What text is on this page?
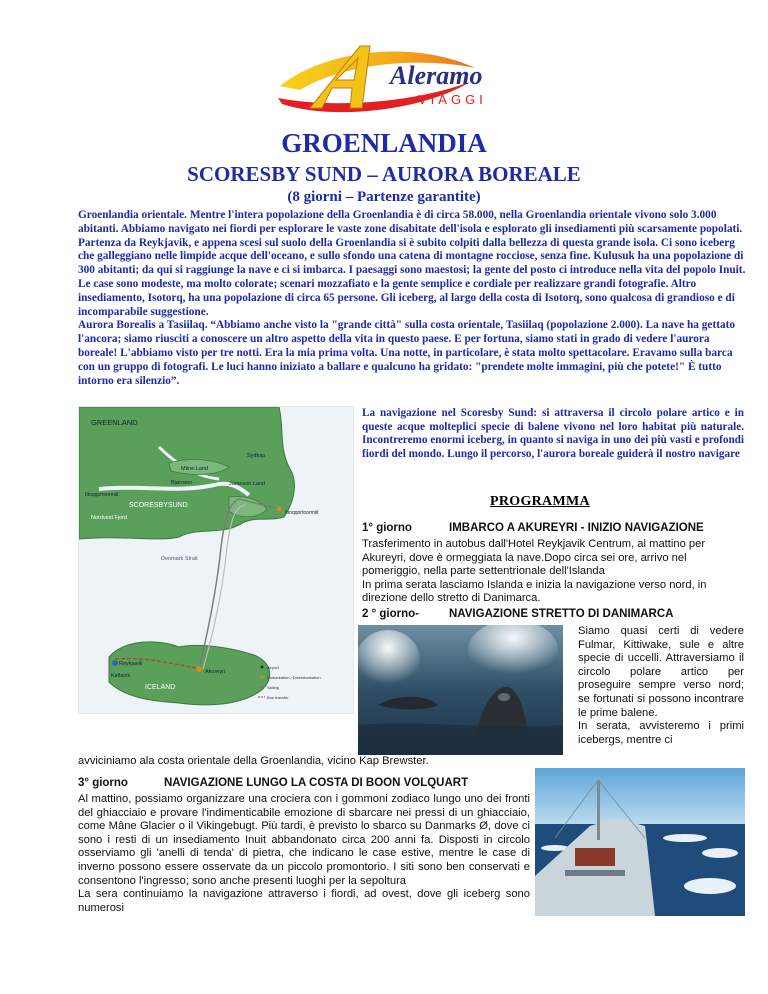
Aleramo
VIAGGI
GROENLANDIA
SCORESBY SUND – AURORA BOREALE
(8 giorni – Partenze garantite)

Groenlandia orientale. Mentre l'intera popolazione della Groenlandia è di circa 58.000, nella Groenlandia orientale vivono solo 3.000 abitanti. Abbiamo navigato nei fiordi per esplorare le vaste zone disabitate dell'isola e esplorato gli insediamenti più scarsamente popolati. Partenza da Reykjavik, e appena scesi sul suolo della Groenlandia si è subito colpiti dalla bellezza di questa grande isola. Ci sono iceberg che galleggiano nelle limpide acque dell'oceano, e sullo sfondo una catena di montagne rocciose, senza fine. Kulusuk ha una popolazione di 300 abitanti; da qui si raggiunge la nave e ci si imbarca. I paesaggi sono maestosi; la gente del posto ci introduce nella vita del popolo Inuit. Le case sono modeste, ma molto colorate; scenari mozzafiato e la gente semplice e cordiale per realizzare grandi fotografie. Altro insediamento, Isotorq, ha una popolazione di circa 65 persone. Gli iceberg, al largo della costa di Isotorq, sono qualcosa di grandioso e di incomparabile suggestione.

Aurora Borealis a Tasiilaq. “Abbiamo anche visto la "grande città" sulla costa orientale, Tasiilaq (popolazione 2.000). La nave ha gettato l'ancora; siamo riusciti a conoscere un altro aspetto della vita in questo paese. E per fortuna, siamo stati in grado di vedere l'aurora boreale! L'abbiamo visto per tre notti. Era la mia prima volta. Una notte, in particolare, è stata molto spettacolare. Eravamo sulla barca con un gruppo di fotografi. Le luci hanno iniziato a ballare e qualcuno ha gridato: "prendete molte immagini, più che potete!" È tutto intorno era silenzio”.

GREENLAND
Sydkap
Milne Land
Bjørnøer	Jameson Land
Ittoqqortoormiit
SCORESBYSUND
Ittoqqortoormiit
Nordvest Fjord
Denmark Strait
Reykjavik
Keflavik
Akureyri
ICELAND
Airport
Embarkation / Disembarkation
Sailing
Bus transfer

La navigazione nel Scoresby Sund: si attraversa il circolo polare artico e in queste acque molteplici specie di balene vivono nel loro habitat più naturale. Incontreremo enormi iceberg, in quanto si naviga in uno dei più vasti e profondi fiordi del mondo. Lungo il percorso, l'aurora boreale guiderà il nostro navigare

PROGRAMMA
1° giorno	IMBARCO A AKUREYRI - INIZIO NAVIGAZIONE

Trasferimento in autobus dall'Hotel Reykjavik Centrum, al mattino per Akureyri, dove è ormeggiata la nave.Dopo circa sei ore, arrivo nel pomeriggio, nella parte settentrionale dell'Islanda

In prima serata lasciamo Islanda e inizia la navigazione verso nord, in direzione dello stretto di Danimarca.

2 ° giorno-	NAVIGAZIONE STRETTO DI DANIMARCA

Siamo quasi certi di vedere Fulmar, Kittiwake, sule e altre specie di uccelli. Attraversiamo il circolo polare artico per proseguire sempre verso nord; se fortunati si possono incontrare le prime balene.

In serata, avvisteremo i primi icebergs, mentre ci

avviciniamo ala costa orientale della Groenlandia, vicino Kap Brewster.

3° giorno	NAVIGAZIONE LUNGO LA COSTA DI BOON VOLQUART

Al mattino, possiamo organizzare una crociera con i gommoni zodiaco lungo uno dei fronti del ghiacciaio e provare l'indimenticabile emozione di sbarcare nei pressi di un ghiacciaio, come Mâne Glacier o il Vikingebugt. Più tardi, è previsto lo sbarco su Danmarks Ø, dove ci sono i resti di un insediamento Inuit abbandonato circa 200 anni fa. Disposti in circolo osserviamo gli 'anelli di tenda' di pietra, che indicano le case estive, mentre le case di inverno possono essere osservate da un piccolo promontorio. I siti sono ben conservati e consentono l'ingresso; sono anche presenti luoghi per la sepoltura

La sera continuiamo la navigazione attraverso i fiordi, ad ovest, dove gli iceberg sono numerosi
